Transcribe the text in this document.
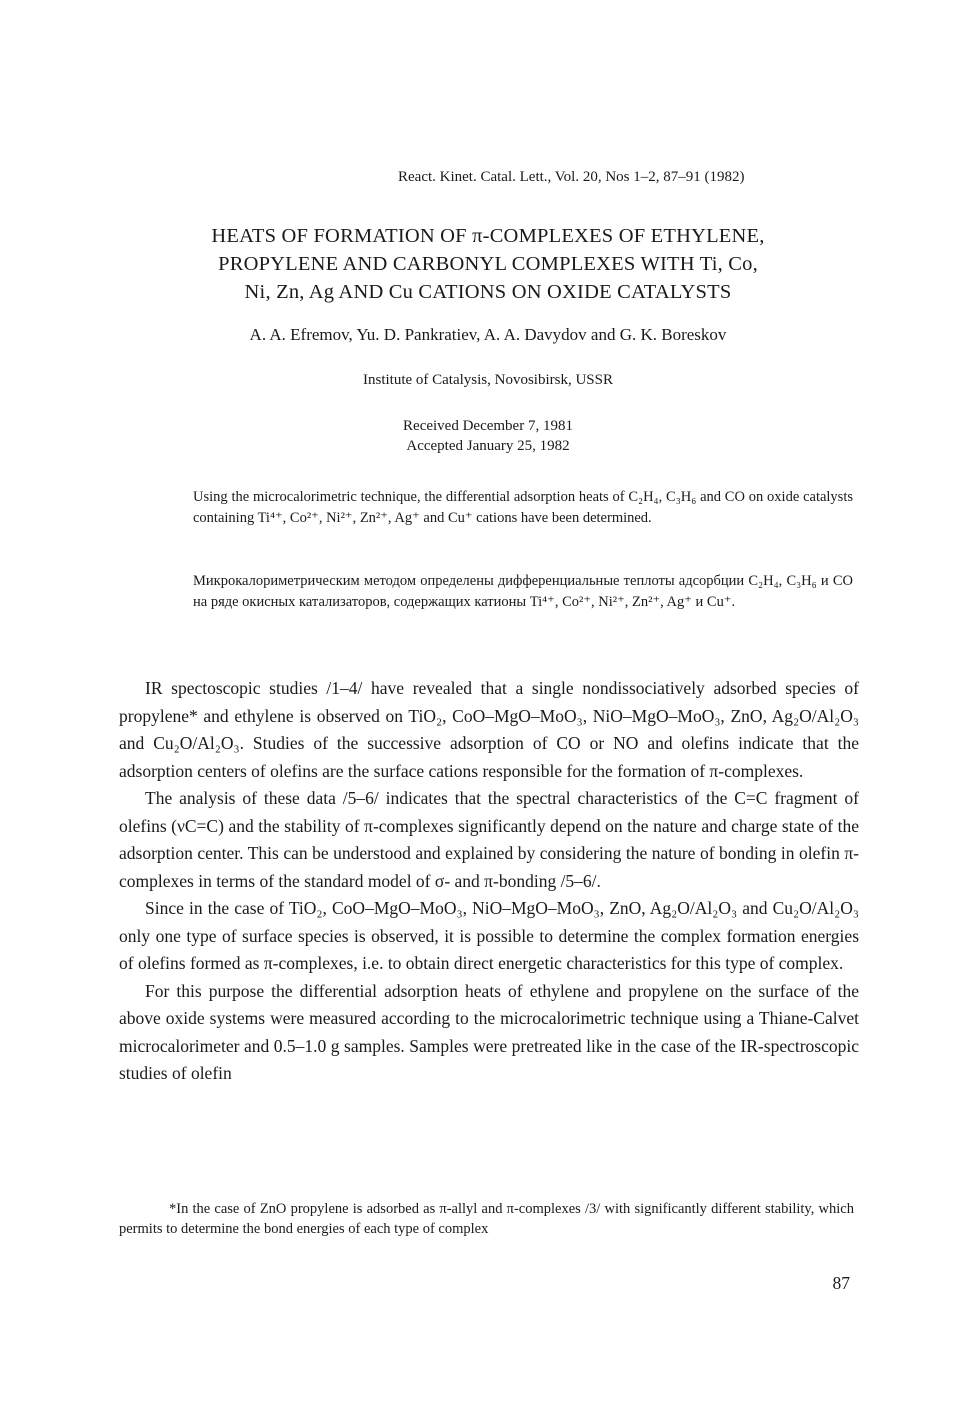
React. Kinet. Catal. Lett., Vol. 20, Nos 1–2, 87–91 (1982)
HEATS OF FORMATION OF π-COMPLEXES OF ETHYLENE,
PROPYLENE AND CARBONYL COMPLEXES WITH Ti, Co,
Ni, Zn, Ag AND Cu CATIONS ON OXIDE CATALYSTS
A. A. Efremov, Yu. D. Pankratiev, A. A. Davydov and G. K. Boreskov
Institute of Catalysis, Novosibirsk, USSR
Received December 7, 1981
Accepted January 25, 1982
Using the microcalorimetric technique, the differential adsorption heats of C₂H₄, C₃H₆ and CO on oxide catalysts containing Ti⁴⁺, Co²⁺, Ni²⁺, Zn²⁺, Ag⁺ and Cu⁺ cations have been determined.
Микрокалориметрическим методом определены дифференциальные теплоты адсорбции C₂H₄, C₃H₆ и CO на ряде окисных катализаторов, содержащих катионы Ti⁴⁺, Co²⁺, Ni²⁺, Zn²⁺, Ag⁺ и Cu⁺.

IR spectoscopic studies /1–4/ have revealed that a single nondissociatively adsorbed species of propylene* and ethylene is observed on TiO₂, CoO–MgO–MoO₃, NiO–MgO–MoO₃, ZnO, Ag₂O/Al₂O₃ and Cu₂O/Al₂O₃. Studies of the successive adsorption of CO or NO and olefins indicate that the adsorption centers of olefins are the surface cations responsible for the formation of π-complexes.

The analysis of these data /5–6/ indicates that the spectral characteristics of the C=C fragment of olefins (νC=C) and the stability of π-complexes significantly depend on the nature and charge state of the adsorption center. This can be understood and explained by considering the nature of bonding in olefin π-complexes in terms of the standard model of σ- and π-bonding /5–6/.

Since in the case of TiO₂, CoO–MgO–MoO₃, NiO–MgO–MoO₃, ZnO, Ag₂O/Al₂O₃ and Cu₂O/Al₂O₃ only one type of surface species is observed, it is possible to determine the complex formation energies of olefins formed as π-complexes, i.e. to obtain direct energetic characteristics for this type of complex.

For this purpose the differential adsorption heats of ethylene and propylene on the surface of the above oxide systems were measured according to the microcalorimetric technique using a Thiane-Calvet microcalorimeter and 0.5–1.0 g samples. Samples were pretreated like in the case of the IR-spectroscopic studies of olefin

*In the case of ZnO propylene is adsorbed as π-allyl and π-complexes /3/ with significantly different stability, which permits to determine the bond energies of each type of complex
87
